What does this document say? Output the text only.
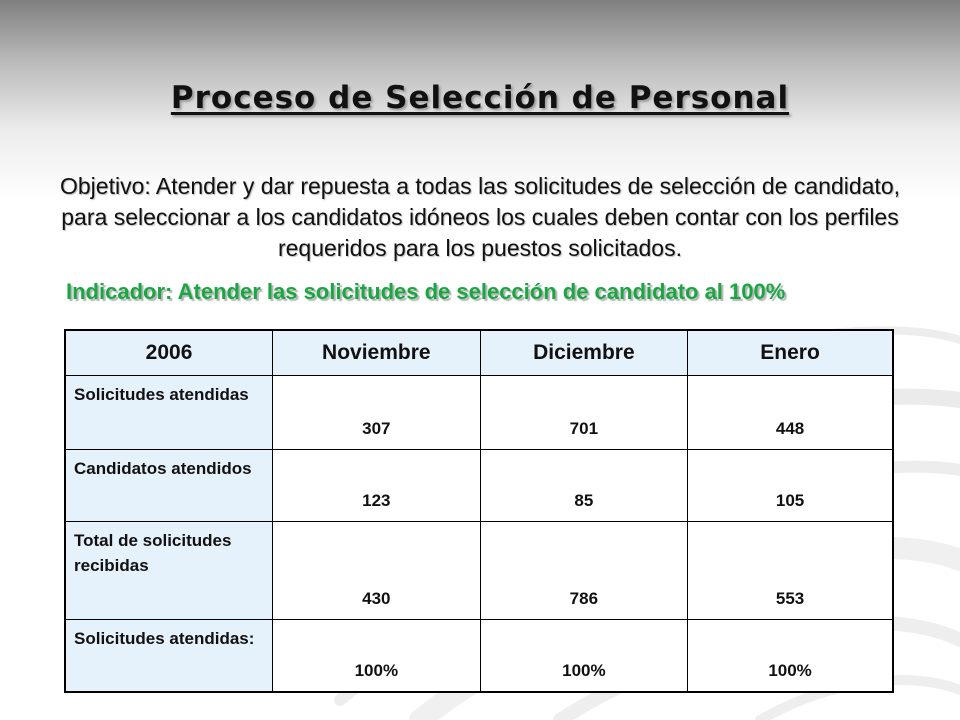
Proceso de Selección de Personal

Objetivo: Atender y dar repuesta a todas las solicitudes de selección de candidato, para seleccionar a los candidatos idóneos los cuales deben contar con los perfiles requeridos para los puestos solicitados.

Indicador: Atender las solicitudes de selección de candidato al 100%

2006	Noviembre	Diciembre	Enero
Solicitudes atendidas	307	701	448
Candidatos atendidos	123	85	105
Total de solicitudes recibidas	430	786	553
Solicitudes atendidas:	100%	100%	100%
